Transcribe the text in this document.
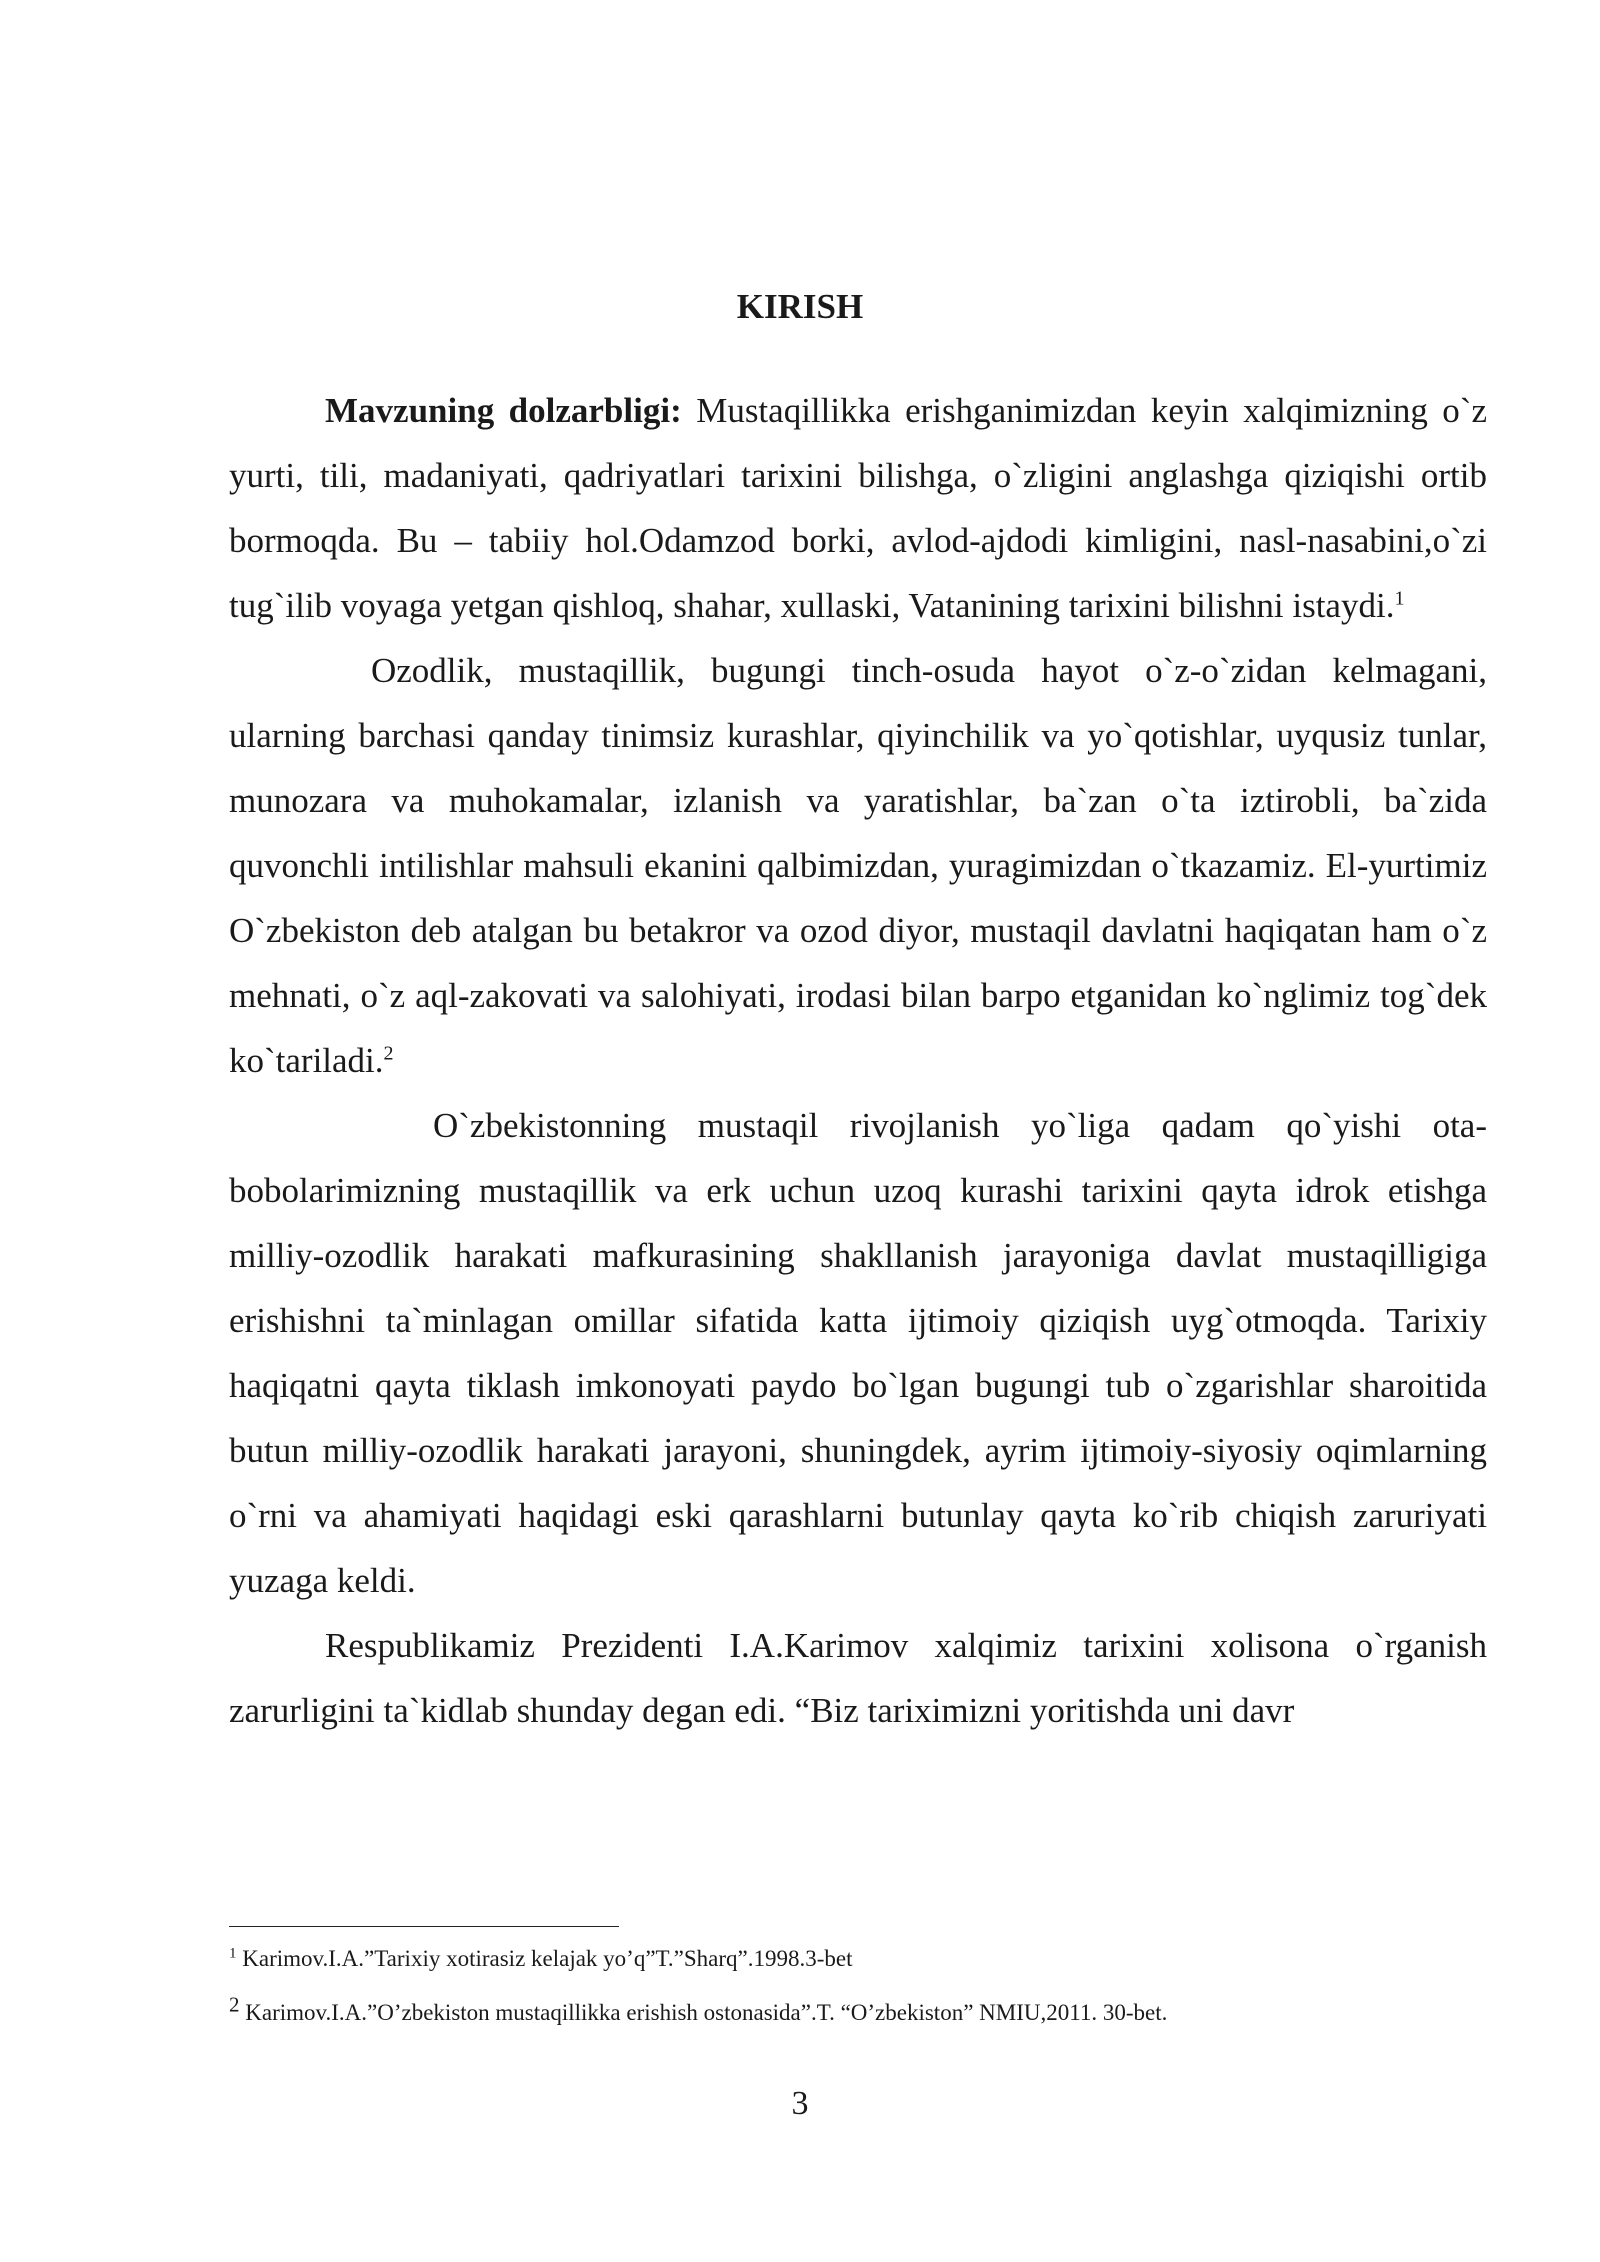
KIRISH

Mavzuning dolzarbligi: Mustaqillikka erishganimizdan keyin xalqimizning o`z yurti, tili, madaniyati, qadriyatlari tarixini bilishga, o`zligini anglashga qiziqishi ortib bormoqda. Bu – tabiiy hol.Odamzod borki, avlod-ajdodi kimligini, nasl-nasabini,o`zi tug`ilib voyaga yetgan qishloq, shahar, xullaski, Vatanining tarixini bilishni istaydi.$^1$

Ozodlik, mustaqillik, bugungi tinch-osuda hayot o`z-o`zidan kelmagani, ularning barchasi qanday tinimsiz kurashlar, qiyinchilik va yo`qotishlar, uyqusiz tunlar, munozara va muhokamalar, izlanish va yaratishlar, ba`zan o`ta iztirobli, ba`zida quvonchli intilishlar mahsuli ekanini qalbimizdan, yuragimizdan o`tkazamiz. El-yurtimiz O`zbekiston deb atalgan bu betakror va ozod diyor, mustaqil davlatni haqiqatan ham o`z mehnati, o`z aql-zakovati va salohiyati, irodasi bilan barpo etganidan ko`nglimiz tog`dek ko`tariladi.$^2$

O`zbekistonning mustaqil rivojlanish yo`liga qadam qo`yishi ota-bobolarimizning mustaqillik va erk uchun uzoq kurashi tarixini qayta idrok etishga milliy-ozodlik harakati mafkurasining shakllanish jarayoniga davlat mustaqilligiga erishishni ta`minlagan omillar sifatida katta ijtimoiy qiziqish uyg`otmoqda. Tarixiy haqiqatni qayta tiklash imkonoyati paydo bo`lgan bugungi tub o`zgarishlar sharoitida butun milliy-ozodlik harakati jarayoni, shuningdek, ayrim ijtimoiy-siyosiy oqimlarning o`rni va ahamiyati haqidagi eski qarashlarni butunlay qayta ko`rib chiqish zaruriyati yuzaga keldi.

Respublikamiz Prezidenti I.A.Karimov xalqimiz tarixini xolisona o`rganish zarurligini ta`kidlab shunday degan edi. “Biz tariximizni yoritishda uni davr

$^1$ Karimov.I.A.”Tarixiy xotirasiz kelajak yo’q”T.”Sharq”.1998.3-bet

$^2$ Karimov.I.A.”O’zbekiston mustaqillikka erishish ostonasida”.T. “O’zbekiston” NMIU,2011. 30-bet.

3
